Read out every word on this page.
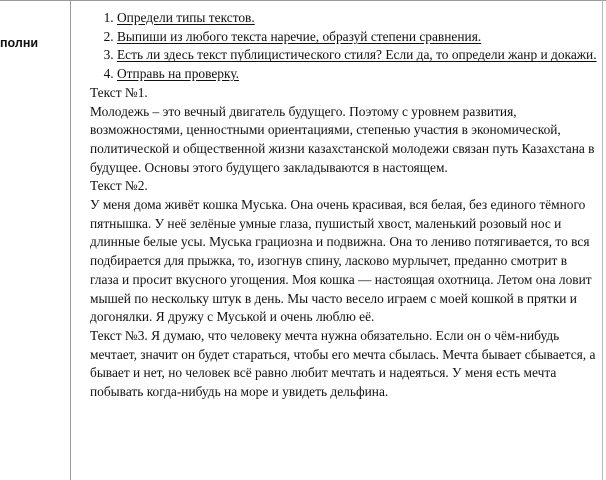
полни
1. Определи типы текстов.
2. Выпиши из любого текста наречие, образуй степени сравнения.
3. Есть ли здесь текст публицистического стиля? Если да, то определи жанр и докажи.
4. Отправь на проверку.

Текст №1.

Молодежь – это вечный двигатель будущего. Поэтому с уровнем развития, возможностями, ценностными ориентациями, степенью участия в экономической, политической и общественной жизни казахстанской молодежи связан путь Казахстана в будущее. Основы этого будущего закладываются в настоящем.

Текст №2.

У меня дома живёт кошка Муська. Она очень красивая, вся белая, без единого тёмного пятнышка. У неё зелёные умные глаза, пушистый хвост, маленький розовый нос и длинные белые усы. Муська грациозна и подвижна. Она то лениво потягивается, то вся подбирается для прыжка, то, изогнув спину, ласково мурлычет, преданно смотрит в глаза и просит вкусного угощения. Моя кошка — настоящая охотница. Летом она ловит мышей по нескольку штук в день. Мы часто весело играем с моей кошкой в прятки и догонялки. Я дружу с Муськой и очень люблю её.

Текст №3. Я думаю, что человеку мечта нужна обязательно. Если он о чём-нибудь мечтает, значит он будет стараться, чтобы его мечта сбылась. Мечта бывает сбывается, а бывает и нет, но человек всё равно любит мечтать и надеяться. У меня есть мечта побывать когда-нибудь на море и увидеть дельфина.
